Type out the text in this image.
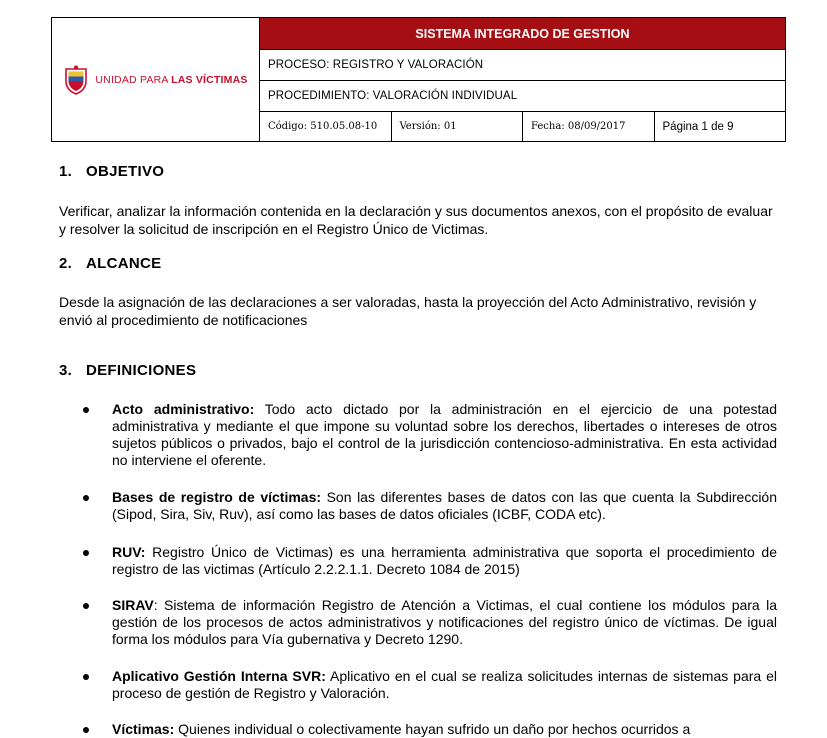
UNIDAD PARA LAS VÍCTIMAS	SISTEMA INTEGRADO DE GESTION			
	PROCESO: REGISTRO Y VALORACIÓN			
	PROCEDIMIENTO: VALORACIÓN INDIVIDUAL			
	Código: 510.05.08-10	Versión: 01	Fecha: 08/09/2017	Página 1 de 9
1. OBJETIVO
Verificar, analizar la información contenida en la declaración y sus documentos anexos, con el propósito de evaluar y resolver la solicitud de inscripción en el Registro Único de Victimas.
2. ALCANCE
Desde la asignación de las declaraciones a ser valoradas, hasta la proyección del Acto Administrativo, revisión y envió al procedimiento de notificaciones
3. DEFINICIONES
Acto administrativo: Todo acto dictado por la administración en el ejercicio de una potestad administrativa y mediante el que impone su voluntad sobre los derechos, libertades o intereses de otros sujetos públicos o privados, bajo el control de la jurisdicción contencioso-administrativa. En esta actividad no interviene el oferente.
Bases de registro de víctimas: Son las diferentes bases de datos con las que cuenta la Subdirección (Sipod, Sira, Siv, Ruv), así como las bases de datos oficiales (ICBF, CODA etc).
RUV: Registro Único de Victimas) es una herramienta administrativa que soporta el procedimiento de registro de las victimas (Artículo 2.2.2.1.1. Decreto 1084 de 2015)
SIRAV: Sistema de información Registro de Atención a Victimas, el cual contiene los módulos para la gestión de los procesos de actos administrativos y notificaciones del registro único de víctimas. De igual forma los módulos para Vía gubernativa y Decreto 1290.
Aplicativo Gestión Interna SVR: Aplicativo en el cual se realiza solicitudes internas de sistemas para el proceso de gestión de Registro y Valoración.
Víctimas: Quienes individual o colectivamente hayan sufrido un daño por hechos ocurridos a
